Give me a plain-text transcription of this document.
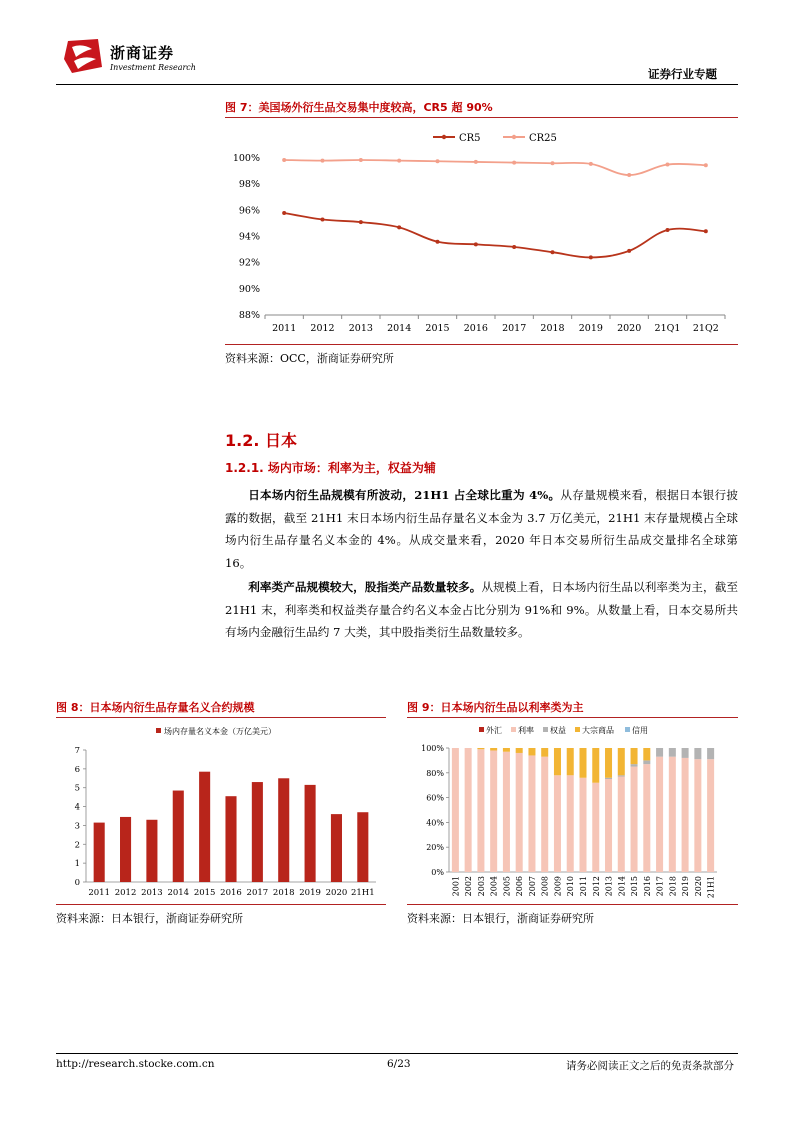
浙商证券
Investment Research	证券行业专题
图 7：美国场外衍生品交易集中度较高，CR5 超 90%
88%
90%
92%
94%
96%
98%
100%
2011 2012 2013 2014 2015 2016 2017 2018 2019 2020 21Q1 21Q2
CR5	CR25
资料来源：OCC，浙商证券研究所
1.2. 日本
1.2.1. 场内市场：利率为主，权益为辅
日本场内衍生品规模有所波动，21H1 占全球比重为 4%。从存量规模来看，根据日本银行披露的数据，截至 21H1 末日本场内衍生品存量名义本金为 3.7 万亿美元，21H1 末存量规模占全球场内衍生品存量名义本金的 4%。从成交量来看，2020 年日本交易所衍生品成交量排名全球第 16。
利率类产品规模较大，股指类产品数量较多。从规模上看，日本场内衍生品以利率类为主，截至 21H1 末，利率类和权益类存量合约名义本金占比分别为 91%和 9%。从数量上看，日本交易所共有场内金融衍生品约 7 大类，其中股指类衍生品数量较多。
图 8：日本场内衍生品存量名义合约规模
0
1
2
3
4
5
6
7
场内存量名义本金（万亿美元）
2011 2012 2013 2014 2015 2016 2017 2018 2019 2020 21H1
资料来源：日本银行，浙商证券研究所
图 9：日本场内衍生品以利率类为主
0%
20%
40%
60%
80%
100%
外汇 利率 权益 大宗商品 信用
2001 2002 2003 2004 2005 2006 2007 2008 2009 2010 2011 2012 2013 2014 2015 2016 2017 2018 2019 2020 21H1
资料来源：日本银行，浙商证券研究所
http://research.stocke.com.cn	6/23	请务必阅读正文之后的免责条款部分
